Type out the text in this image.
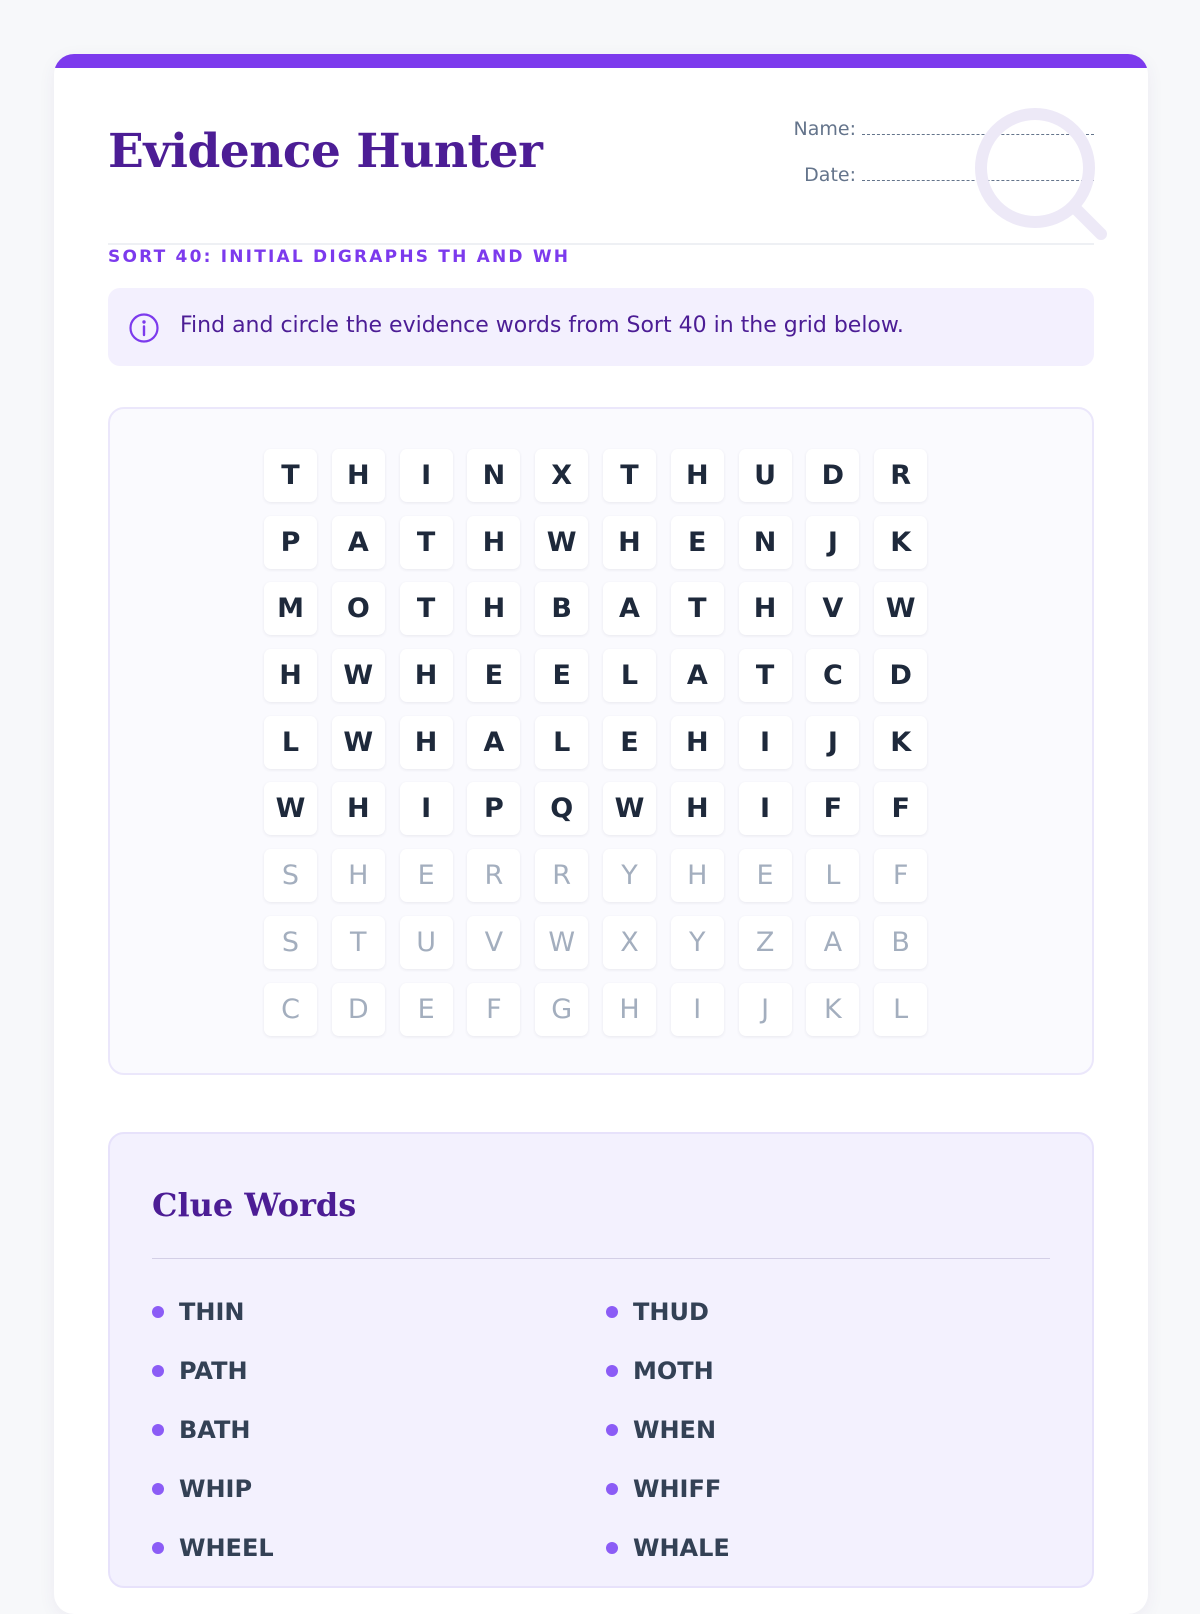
Evidence Hunter
SORT 40: INITIAL DIGRAPHS TH AND WH
Name:
Date:
Find and circle the evidence words from Sort 40 in the grid below.
T	H	I	N	X	T	H	U	D	R
P	A	T	H	W	H	E	N	J	K
M	O	T	H	B	A	T	H	V	W
H	W	H	E	E	L	A	T	C	D
L	W	H	A	L	E	H	I	J	K
W	H	I	P	Q	W	H	I	F	F
S	H	E	R	R	Y	H	E	L	F
S	T	U	V	W	X	Y	Z	A	B
C	D	E	F	G	H	I	J	K	L
Clue Words
THIN
PATH
BATH
WHIP
WHEEL
THUD
MOTH
WHEN
WHIFF
WHALE
